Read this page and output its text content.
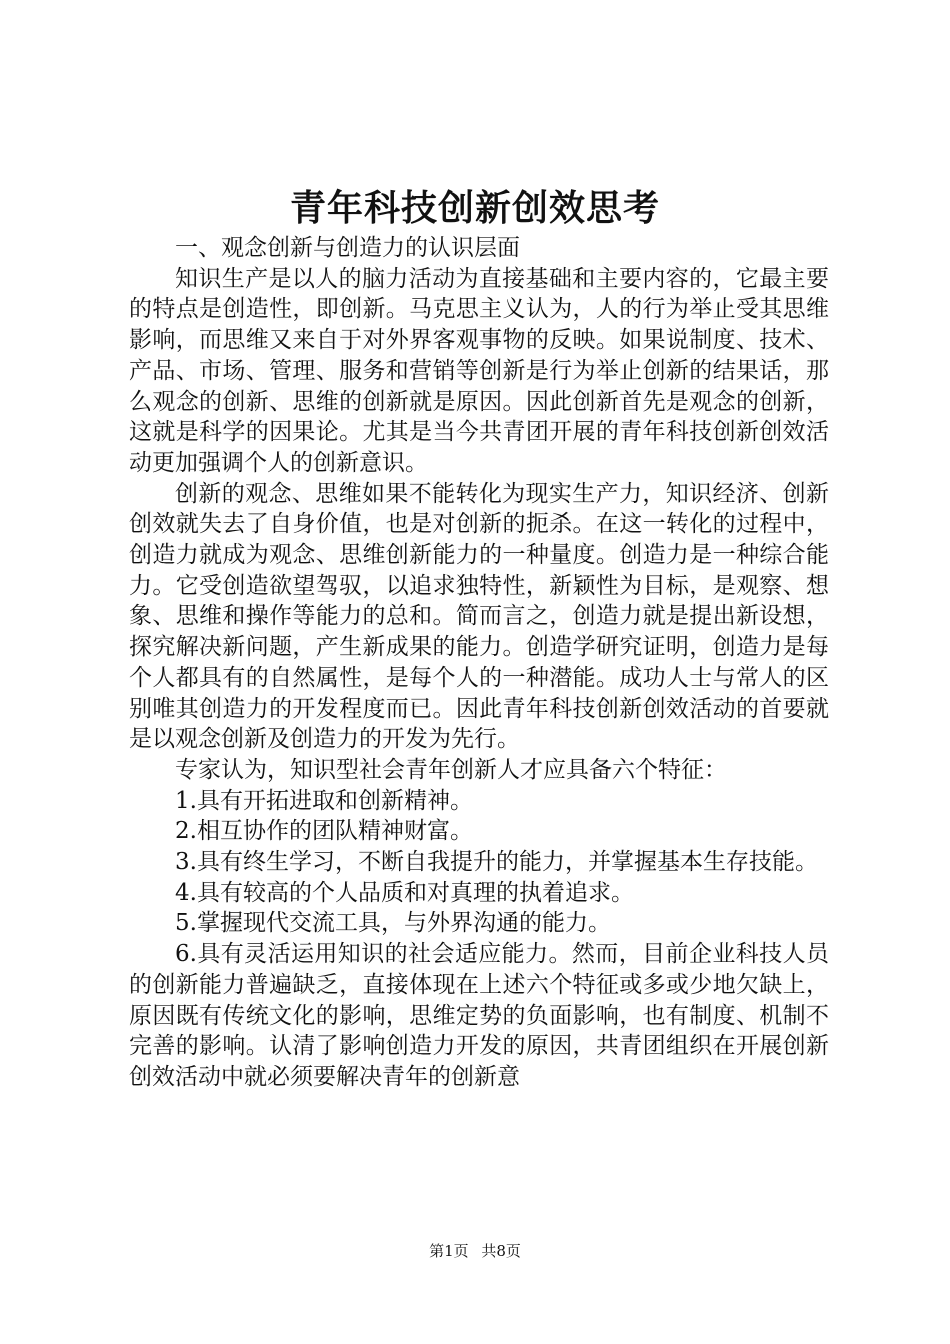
青年科技创新创效思考

一、观念创新与创造力的认识层面

知识生产是以人的脑力活动为直接基础和主要内容的，它最主要的特点是创造性，即创新。马克思主义认为，人的行为举止受其思维影响，而思维又来自于对外界客观事物的反映。如果说制度、技术、产品、市场、管理、服务和营销等创新是行为举止创新的结果话，那么观念的创新、思维的创新就是原因。因此创新首先是观念的创新，这就是科学的因果论。尤其是当今共青团开展的青年科技创新创效活动更加强调个人的创新意识。

创新的观念、思维如果不能转化为现实生产力，知识经济、创新创效就失去了自身价值，也是对创新的扼杀。在这一转化的过程中，创造力就成为观念、思维创新能力的一种量度。创造力是一种综合能力。它受创造欲望驾驭，以追求独特性，新颖性为目标，是观察、想象、思维和操作等能力的总和。简而言之，创造力就是提出新设想，探究解决新问题，产生新成果的能力。创造学研究证明，创造力是每个人都具有的自然属性，是每个人的一种潜能。成功人士与常人的区别唯其创造力的开发程度而已。因此青年科技创新创效活动的首要就是以观念创新及创造力的开发为先行。

专家认为，知识型社会青年创新人才应具备六个特征：

1.具有开拓进取和创新精神。

2.相互协作的团队精神财富。

3.具有终生学习，不断自我提升的能力，并掌握基本生存技能。

4.具有较高的个人品质和对真理的执着追求。

5.掌握现代交流工具，与外界沟通的能力。

6.具有灵活运用知识的社会适应能力。然而，目前企业科技人员的创新能力普遍缺乏，直接体现在上述六个特征或多或少地欠缺上，原因既有传统文化的影响，思维定势的负面影响，也有制度、机制不完善的影响。认清了影响创造力开发的原因，共青团组织在开展创新创效活动中就必须要解决青年的创新意

第1页 共8页
